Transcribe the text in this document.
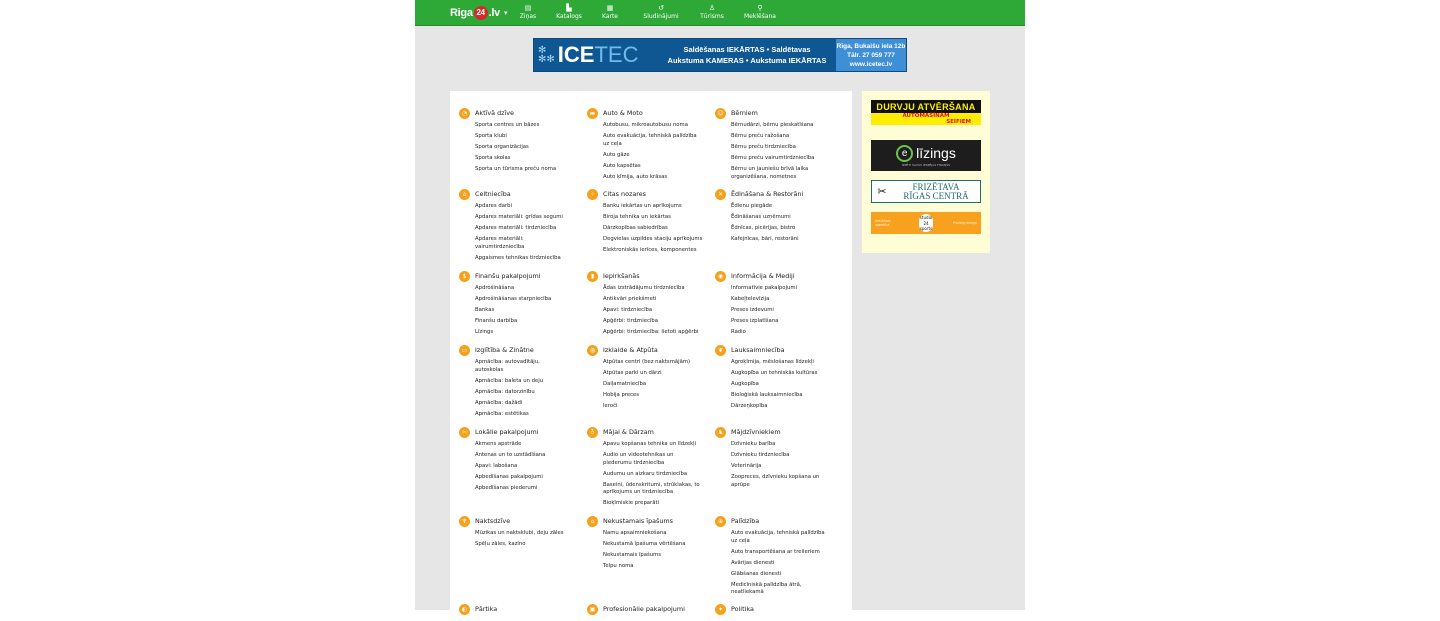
Riga 24 .lv ▾
▤
Ziņas
▙
Katalogs
▦
Karte
↺
Sludinājumi
♙
Tūrisms
⚲
Meklēšana
✻
✻✻ ICE TEC	Saldēšanas IEKĀRTAS • Saldētavas
Aukstuma KAMERAS • Aukstuma IEKĀRTAS
Rīga, Bukaišu iela 12b
Tālr. 27 059 777
www.icetec.lv
◔	Aktīvā dzīve
Sporta centres un bāzes
Sporta klubi
Sporta organizācijas
Sporta skolas
Sporta un tūrisma preču noma
⌂	Celtniecība
Apdares darbi
Apdares materiāli: grīdas segumi
Apdares materiāli: tirdzniecība
Apdares materiāli: vairumtirdzniecība
Apgaismes tehnikas tirdzniecība
$	Finanšu pakalpojumi
Apdrošināšana
Apdrošināšanas starpniecība
Bankas
Finanšu darbība
Līzings
▭	Izglītība & Zinātne
Apmācība: autovadītāju, autoskolas
Apmācība: baleta un deju
Apmācība: datorzinību
Apmācība: dažādi
Apmācība: estētikas
✂	Lokālie pakalpojumi
Akmens apstrāde
Antenas un to uzstādīšana
Apavi: labošana
Apbedīšanas pakalpojumi
Apbedīšanas piederumi
♆	Naktsdzīve
Mūzikas un naktsklubi, deju zāles
Spēļu zāles, kazino
◐	Pārtika
▬	Auto & Moto
Autobusu, mikroautobusu noma
Auto evakuācija, tehniskā palīdzība uz ceļa
Auto gāze
Auto kapsētas
Auto ķīmija, auto krāsas
⁘	Citas nozares
Banku iekārtas un aprīkojums
Biroja tehnika un iekārtas
Dārzkopības sabiedrības
Degvielas uzpildes staciju aprīkojums
Elektroniskās ierīces, komponentes
▮	Iepirkšanās
Ādas izstrādājumu tirdzniecība
Antikvāri priekšmeti
Apavi: tirdzniecība
Apģērbi: tirdzniecība
Apģērbi: tirdzniecība: lietoti apģērbi
◍	Izklaide & Atpūta
Atpūtas centri (bez naktsmājām)
Atpūtas parki un dārzi
Daiļamatniecība
Hobija preces
Ieroči
♁	Mājai & Dārzam
Apavu kopšanas tehnika un līdzekļi
Audio un videotehnikas un piederumu tirdzniecība
Audumu un aizkaru tirdzniecība
Baseini, ūdenskritumi, strūklakas, to aprīkojums un tirdzniecība
Bioķīmiskie preparāti
⌂	Nekustamais īpašums
Namu apsaimniekošana
Nekustamā īpašuma vērtēšana
Nekustamais īpašums
Telpu noma
▣	Profesionālie pakalpojumi
☺	Bērniem
Bērnudārzi, bērnu pieskatīšana
Bērnu preču ražošana
Bērnu preču tirdzniecība
Bērnu preču vairumtirdzniecība
Bērnu un jauniešu brīvā laika organizēšana, nometnes
✕	Ēdināšana & Restorāni
Ēdienu piegāde
Ēdināšanas uzņēmumi
Ēdnīcas, picērijas, bistro
Kafejnīcas, bāri, restorāni
◉	Informācija & Mediji
Informatīvie pakalpojumi
Kabeļtelevīzija
Preses izdevumi
Preses izplatīšana
Radio
❦	Lauksaimniecība
Agroķīmija, mēslošanas līdzekļi
Augkopība un tehniskās kultūras
Augkopība
Bioloģiskā lauksaimniecība
Dārzeņkopība
♞	Mājdzīvniekiem
Dzīvnieku barība
Dzīvnieku tirdzniecība
Veterinārija
Zoopreces, dzīvnieku kopšana un aprūpe
⊕	Palīdzība
Auto evakuācija, tehniskā palīdzība uz ceļa
Auto transportēšana ar treileriem
Avārijas dienesti
Glābšanas dienesti
Medicīniskā palīdzība ātrā, neatliekamā
✦	Politika
DURVJU ATVĒRŠANA
AUTOMAŠĪNĀM
SEIFIEM
e līzings
IZPĒTI SAVUS IESPĒJAS FINANŠU
✂	FRIZĒTAVA
RĪGAS CENTRĀ
Reklāmas aģentūra
studio 24 sports
Printing design
